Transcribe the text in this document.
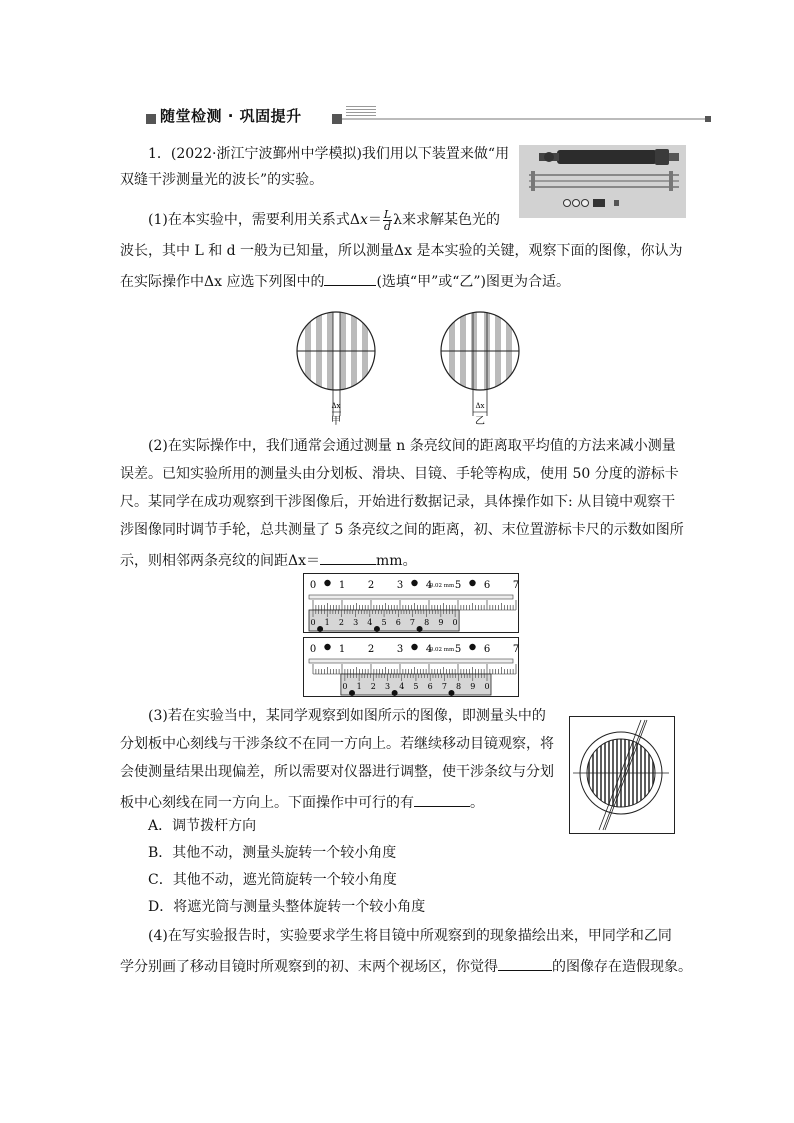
随堂检测 · 巩固提升
1．(2022·浙江宁波鄞州中学模拟)我们用以下装置来做“用
双缝干涉测量光的波长”的实验。
(1)在本实验中，需要利用关系式$\Delta x= \frac{L}{d}$ λ来求解某色光的
波长，其中 L 和 d 一般为已知量，所以测量Δx 是本实验的关键，观察下面的图像，你认为
在实际操作中Δx 应选下列图中的	(选填“甲”或“乙”)图更为合适。
Δx
甲
Δx
乙
(2)在实际操作中，我们通常会通过测量 n 条亮纹间的距离取平均值的方法来减小测量
误差。已知实验所用的测量头由分划板、滑块、目镜、手轮等构成，使用 50 分度的游标卡
尺。某同学在成功观察到干涉图像后，开始进行数据记录，具体操作如下: 从目镜中观察干
涉图像同时调节手轮，总共测量了 5 条亮纹之间的距离，初、末位置游标卡尺的示数如图所
示，则相邻两条亮纹的间距Δx＝	mm。
0 1 2 3 4 5 6 7
0.02 mm
0 1 2 3 4 5 6 7 8 9 0
0 1 2 3 4 5 6 7
0.02 mm
0 1 2 3 4 5 6 7 8 9 0
(3)若在实验当中，某同学观察到如图所示的图像，即测量头中的
分划板中心刻线与干涉条纹不在同一方向上。若继续移动目镜观察，将
会使测量结果出现偏差，所以需要对仪器进行调整，使干涉条纹与分划
板中心刻线在同一方向上。下面操作中可行的有	。
A．调节拨杆方向
B．其他不动，测量头旋转一个较小角度
C．其他不动，遮光筒旋转一个较小角度
D．将遮光筒与测量头整体旋转一个较小角度
(4)在写实验报告时，实验要求学生将目镜中所观察到的现象描绘出来，甲同学和乙同
学分别画了移动目镜时所观察到的初、末两个视场区，你觉得	的图像存在造假现象。
